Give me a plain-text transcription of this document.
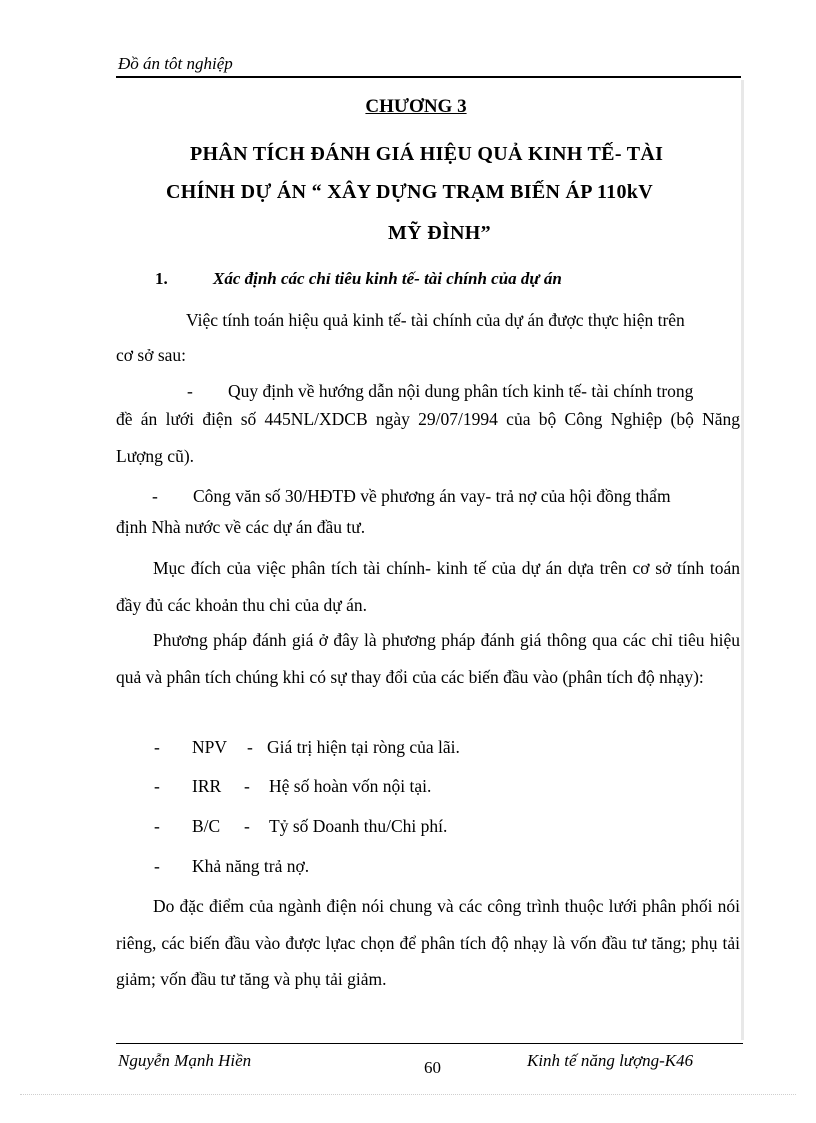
Đồ án tôt nghiệp
CHƯƠNG 3
PHÂN TÍCH ĐÁNH GIÁ HIỆU QUẢ KINH TẾ- TÀI
CHÍNH DỰ ÁN “ XÂY DỰNG TRẠM BIẾN ÁP 110kV
MỸ ĐÌNH”
1.	Xác định các chỉ tiêu kinh tế- tài chính của dự án
Việc tính toán hiệu quả kinh tế- tài chính của dự án được thực hiện trên
cơ sở sau:
- Quy định về hướng dẫn nội dung phân tích kinh tế- tài chính trong
đề án lưới điện số 445NL/XDCB ngày 29/07/1994 của bộ Công Nghiệp (bộ Năng Lượng cũ).
- Công văn số 30/HĐTĐ về phương án vay- trả nợ của hội đồng thẩm
định Nhà nước về các dự án đầu tư.
Mục đích của việc phân tích tài chính- kinh tế của dự án dựa trên cơ sở tính toán đầy đủ các khoản thu chi của dự án.
Phương pháp đánh giá ở đây là phương pháp đánh giá thông qua các chỉ tiêu hiệu quả và phân tích chúng khi có sự thay đổi của các biến đầu vào (phân tích độ nhạy):
- NPV - Giá trị hiện tại ròng của lãi.
- IRR - Hệ số hoàn vốn nội tại.
- B/C - Tỷ số Doanh thu/Chi phí.
- Khả năng trả nợ.
Do đặc điểm của ngành điện nói chung và các công trình thuộc lưới phân phối nói riêng, các biến đầu vào được lựac chọn để phân tích độ nhạy là vốn đầu tư tăng; phụ tải giảm; vốn đầu tư tăng và phụ tải giảm.
Nguyễn Mạnh Hiền	60	Kinh tế năng lượng-K46
